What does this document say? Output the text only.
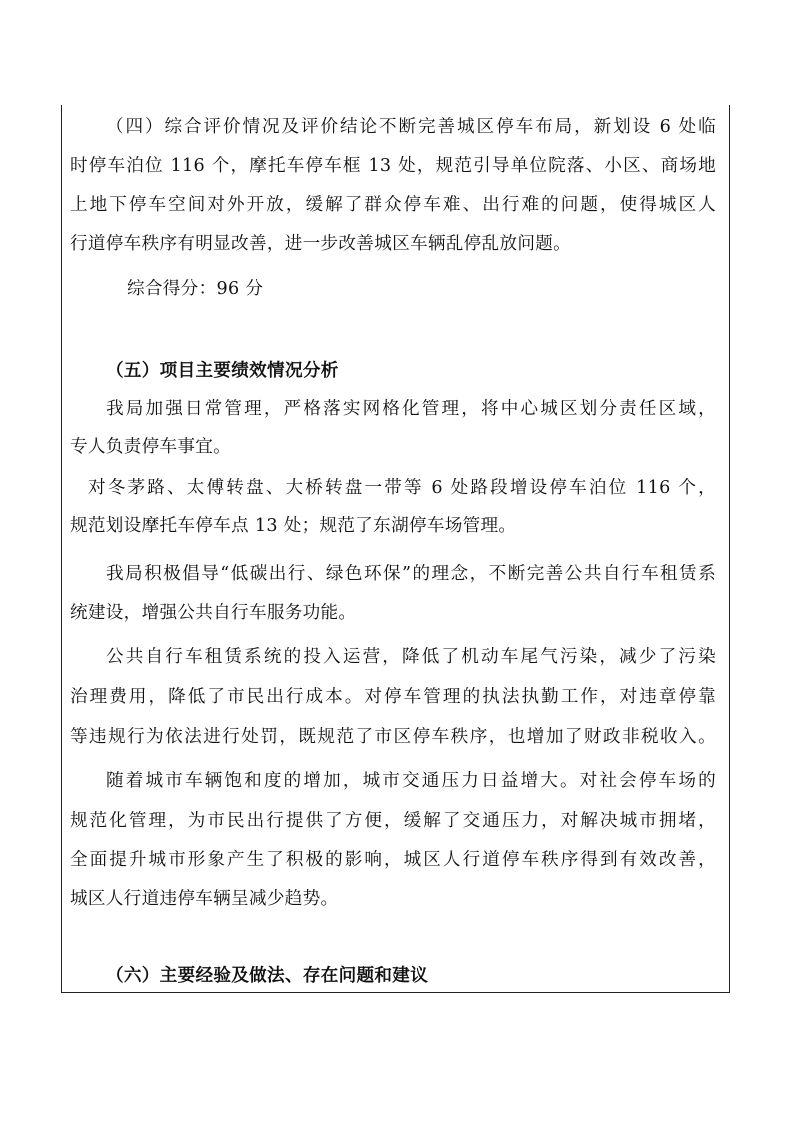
（四）综合评价情况及评价结论不断完善城区停车布局，新划设 6 处临
时停车泊位 116 个，摩托车停车框 13 处，规范引导单位院落、小区、商场地
上地下停车空间对外开放，缓解了群众停车难、出行难的问题，使得城区人
行道停车秩序有明显改善，进一步改善城区车辆乱停乱放问题。
综合得分：96 分
（五）项目主要绩效情况分析
我局加强日常管理，严格落实网格化管理，将中心城区划分责任区域，
专人负责停车事宜。
对冬茅路、太傅转盘、大桥转盘一带等 6 处路段增设停车泊位 116 个，
规范划设摩托车停车点 13 处；规范了东湖停车场管理。
我局积极倡导“低碳出行、绿色环保”的理念，不断完善公共自行车租赁系
统建设，增强公共自行车服务功能。
公共自行车租赁系统的投入运营，降低了机动车尾气污染，减少了污染
治理费用，降低了市民出行成本。对停车管理的执法执勤工作，对违章停靠
等违规行为依法进行处罚，既规范了市区停车秩序，也增加了财政非税收入。
随着城市车辆饱和度的增加，城市交通压力日益增大。对社会停车场的
规范化管理，为市民出行提供了方便，缓解了交通压力，对解决城市拥堵，
全面提升城市形象产生了积极的影响，城区人行道停车秩序得到有效改善，
城区人行道违停车辆呈减少趋势。
（六）主要经验及做法、存在问题和建议
